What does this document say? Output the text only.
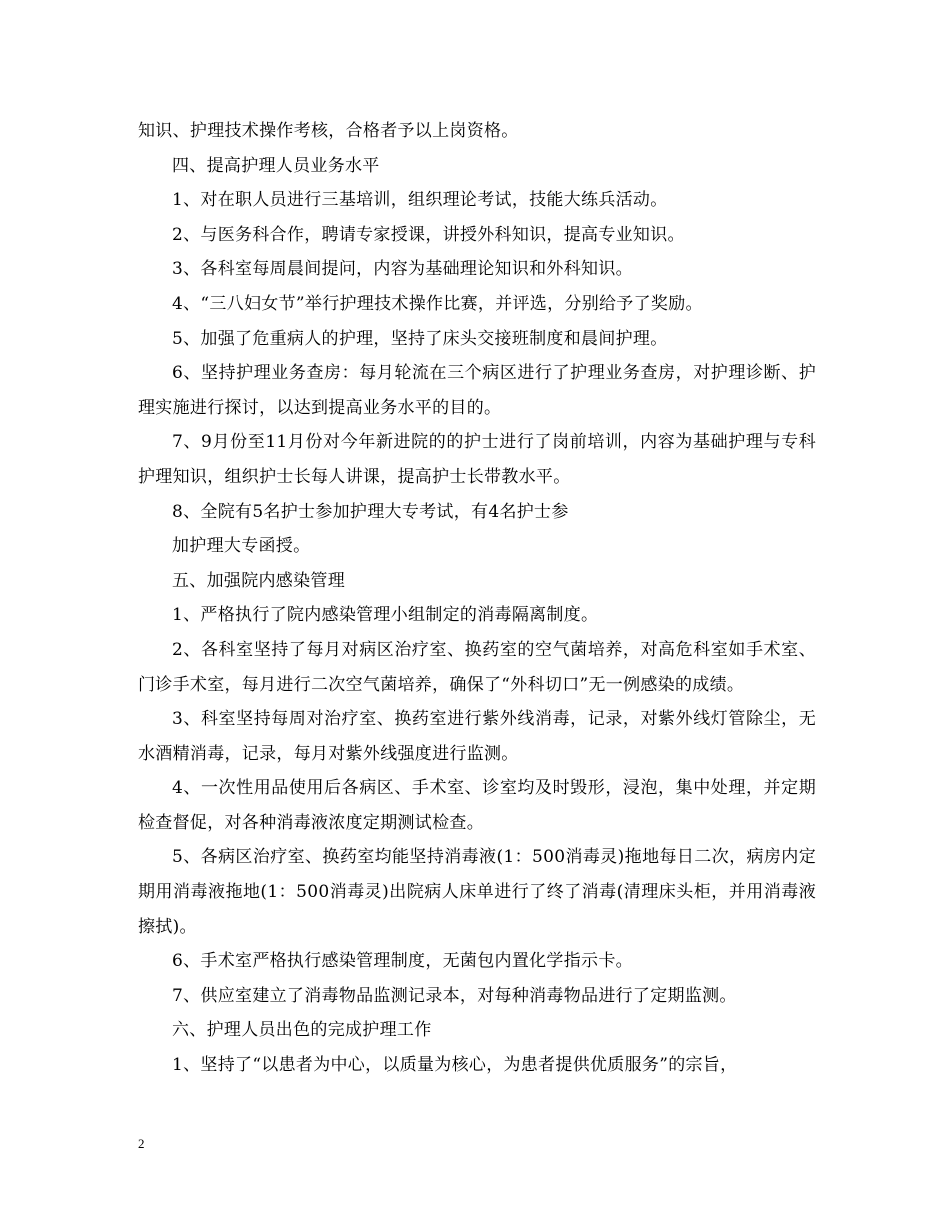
知识、护理技术操作考核，合格者予以上岗资格。

四、提高护理人员业务水平

1、对在职人员进行三基培训，组织理论考试，技能大练兵活动。

2、与医务科合作，聘请专家授课，讲授外科知识，提高专业知识。

3、各科室每周晨间提问，内容为基础理论知识和外科知识。

4、“三八妇女节”举行护理技术操作比赛，并评选，分别给予了奖励。

5、加强了危重病人的护理，坚持了床头交接班制度和晨间护理。

6、坚持护理业务查房：每月轮流在三个病区进行了护理业务查房，对护理诊断、护理实施进行探讨，以达到提高业务水平的目的。

7、9月份至11月份对今年新进院的的护士进行了岗前培训，内容为基础护理与专科护理知识，组织护士长每人讲课，提高护士长带教水平。

8、全院有5名护士参加护理大专考试，有4名护士参

加护理大专函授。

五、加强院内感染管理

1、严格执行了院内感染管理小组制定的消毒隔离制度。

2、各科室坚持了每月对病区治疗室、换药室的空气菌培养，对高危科室如手术室、门诊手术室，每月进行二次空气菌培养，确保了“外科切口”无一例感染的成绩。

3、科室坚持每周对治疗室、换药室进行紫外线消毒，记录，对紫外线灯管除尘，无水酒精消毒，记录，每月对紫外线强度进行监测。

4、一次性用品使用后各病区、手术室、诊室均及时毁形，浸泡，集中处理，并定期检查督促，对各种消毒液浓度定期测试检查。

5、各病区治疗室、换药室均能坚持消毒液(1：500消毒灵)拖地每日二次，病房内定期用消毒液拖地(1：500消毒灵)出院病人床单进行了终了消毒(清理床头柜，并用消毒液擦拭)。

6、手术室严格执行感染管理制度，无菌包内置化学指示卡。

7、供应室建立了消毒物品监测记录本，对每种消毒物品进行了定期监测。

六、护理人员出色的完成护理工作

1、坚持了“以患者为中心，以质量为核心，为患者提供优质服务”的宗旨，

2
